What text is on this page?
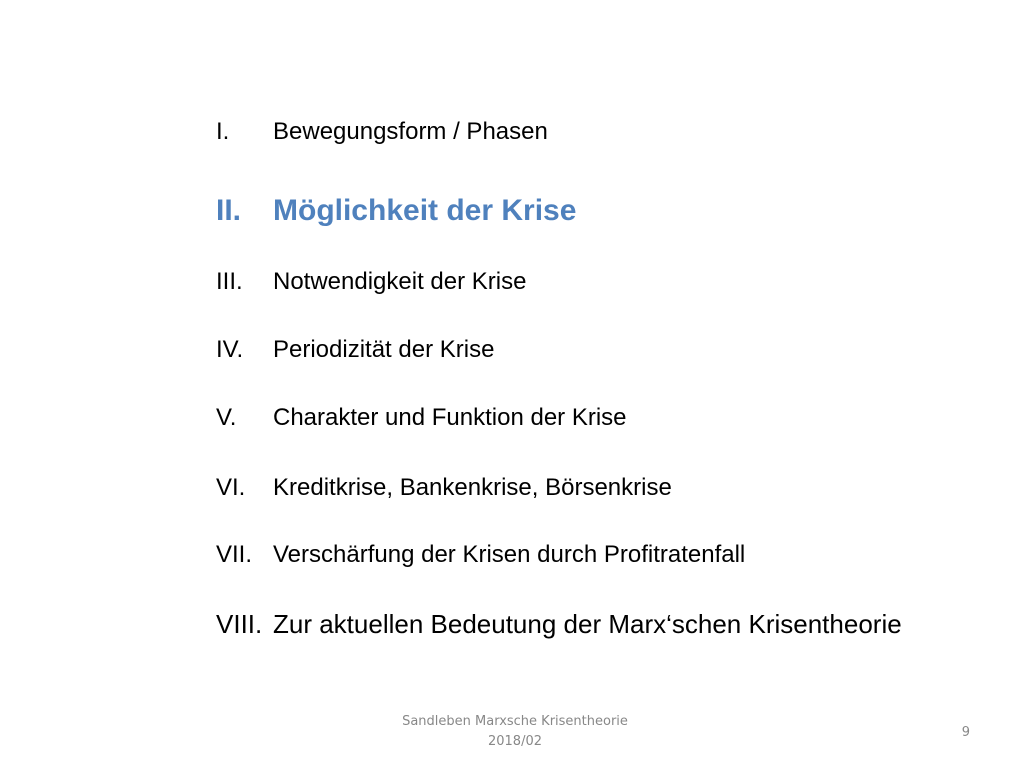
I. Bewegungsform / Phasen
II. Möglichkeit der Krise
III. Notwendigkeit der Krise
IV. Periodizität der Krise
V. Charakter und Funktion der Krise
VI. Kreditkrise, Bankenkrise, Börsenkrise
VII. Verschärfung der Krisen durch Profitratenfall
VIII. Zur aktuellen Bedeutung der Marx‘schen Krisentheorie
Sandleben Marxsche Krisentheorie
2018/02
9
